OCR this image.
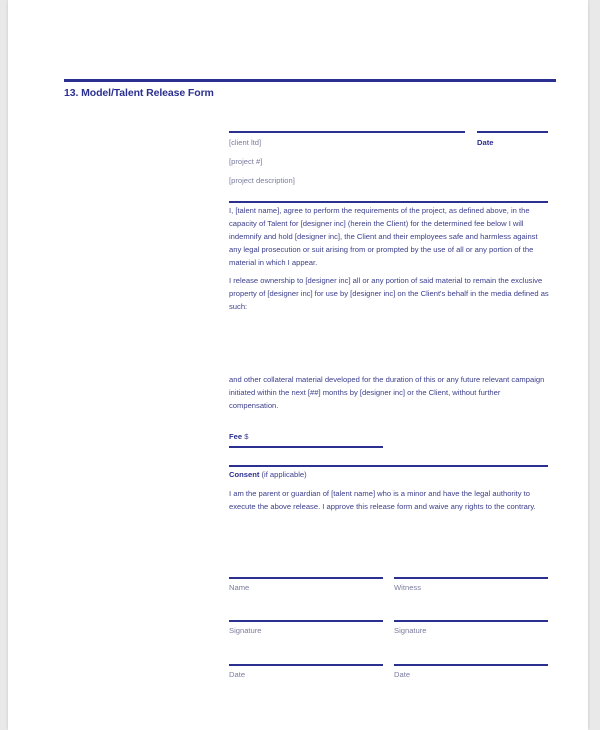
13. Model/Talent Release Form
[client ltd]	Date
[project #]
[project description]
I, [talent name], agree to perform the requirements of the project, as defined above, in the capacity of Talent for [designer inc] (herein the Client) for the determined fee below I will indemnify and hold [designer inc], the Client and their employees safe and harmless against any legal prosecution or suit arising from or prompted by the use of all or any portion of the material in which I appear.
I release ownership to [designer inc] all or any portion of said material to remain the exclusive property of [designer inc] for use by [designer inc] on the Client's behalf in the media defined as such:
and other collateral material developed for the duration of this or any future relevant campaign initiated within the next [##] months by [designer inc] or the Client, without further compensation.
Fee $
Consent (if applicable)
I am the parent or guardian of [talent name] who is a minor and have the legal authority to execute the above release. I approve this release form and waive any rights to the contrary.
Name	Witness
Signature	Signature
Date	Date
